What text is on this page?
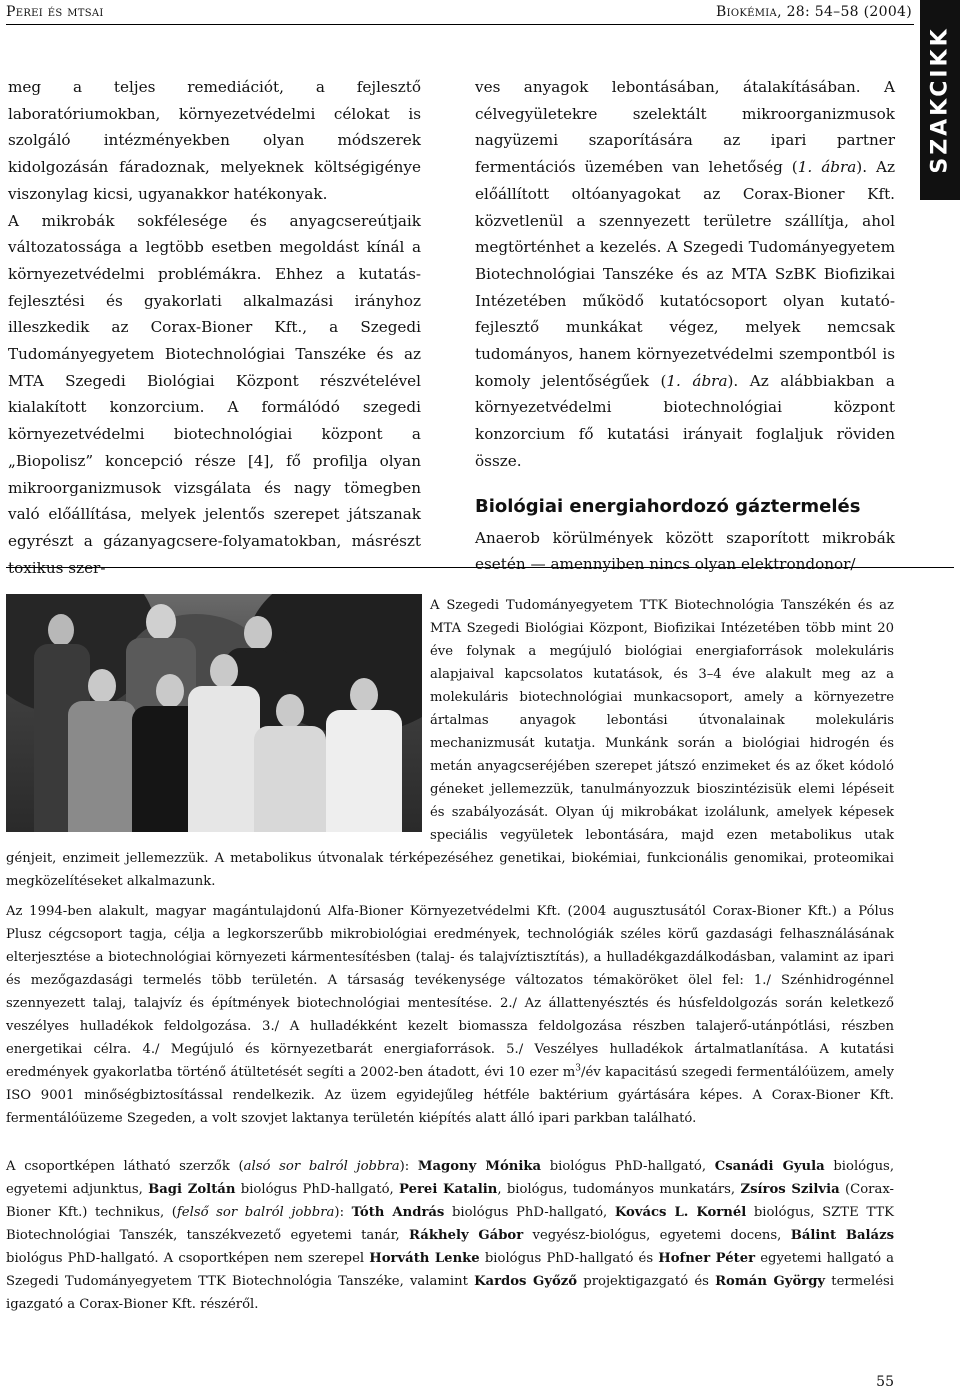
Perei és mtsai	Biokémia, 28: 54–58 (2004)
SZAKCIKK

meg a teljes remediációt, a fejlesztő laboratóriumokban, környezetvédelmi célokat is szolgáló intézményekben olyan módszerek kidolgozásán fáradoznak, melyeknek költségigénye viszonylag kicsi, ugyanakkor hatékonyak.

A mikrobák sokfélesége és anyagcsereútjaik változatossága a legtöbb esetben megoldást kínál a környezetvédelmi problémákra. Ehhez a kutatás-fejlesztési és gyakorlati alkalmazási irányhoz illeszkedik az Corax-Bioner Kft., a Szegedi Tudományegyetem Biotechnológiai Tanszéke és az MTA Szegedi Biológiai Központ részvételével kialakított konzorcium. A formálódó szegedi környezetvédelmi biotechnológiai központ a „Biopolisz” koncepció része [4], fő profilja olyan mikroorganizmusok vizsgálata és nagy tömegben való előállítása, melyek jelentős szerepet játszanak egyrészt a gázanyagcsere-folyamatokban, másrészt toxikus szer-

ves anyagok lebontásában, átalakításában. A célvegyületekre szelektált mikroorganizmusok nagyüzemi szaporítására az ipari partner fermentációs üzemében van lehetőség (1. ábra). Az előállított oltóanyagokat az Corax-Bioner Kft. közvetlenül a szennyezett területre szállítja, ahol megtörténhet a kezelés. A Szegedi Tudományegyetem Biotechnológiai Tanszéke és az MTA SzBK Biofizikai Intézetében működő kutatócsoport olyan kutató-fejlesztő munkákat végez, melyek nemcsak tudományos, hanem környezetvédelmi szempontból is komoly jelentőségűek (1. ábra). Az alábbiakban a környezetvédelmi biotechnológiai központ konzorcium fő kutatási irányait foglaljuk röviden össze.

Biológiai energiahordozó gáztermelés

Anaerob körülmények között szaporított mikrobák esetén — amennyiben nincs olyan elektrondonor/

A Szegedi Tudományegyetem TTK Biotechnológia Tanszékén és az MTA Szegedi Biológiai Központ, Biofizikai Intézetében több mint 20 éve folynak a megújuló biológiai energiaforrások molekuláris alapjaival kapcsolatos kutatások, és 3–4 éve alakult meg az a molekuláris biotechnológiai munkacsoport, amely a környezetre ártalmas anyagok lebontási útvonalainak molekuláris mechanizmusát kutatja. Munkánk során a biológiai hidrogén és metán anyagcseréjében szerepet játszó enzimeket és az őket kódoló géneket jellemezzük, tanulmányozzuk bioszintézisük elemi lépéseit és szabályozását. Olyan új mikrobákat izolálunk, amelyek képesek speciális vegyületek lebontására, majd ezen metabolikus utak génjeit, enzimeit jellemezzük. A metabolikus útvonalak térképezéséhez genetikai, biokémiai, funkcionális genomikai, proteomikai megközelítéseket alkalmazunk.

Az 1994-ben alakult, magyar magántulajdonú Alfa-Bioner Környezetvédelmi Kft. (2004 augusztusától Corax-Bioner Kft.) a Pólus Plusz cégcsoport tagja, célja a legkorszerűbb mikrobiológiai eredmények, technológiák széles körű gazdasági felhasználásának elterjesztése a biotechnológiai környezeti kármentesítésben (talaj- és talajvíztisztítás), a hulladékgazdálkodásban, valamint az ipari és mezőgazdasági termelés több területén. A társaság tevékenysége változatos témaköröket ölel fel: 1./ Szénhidrogénnel szennyezett talaj, talajvíz és építmények biotechnológiai mentesítése. 2./ Az állattenyésztés és húsfeldolgozás során keletkező veszélyes hulladékok feldolgozása. 3./ A hulladékként kezelt biomassza feldolgozása részben talajerő-utánpótlási, részben energetikai célra. 4./ Megújuló és környezetbarát energiaforrások. 5./ Veszélyes hulladékok ártalmatlanítása. A kutatási eredmények gyakorlatba történő átültetését segíti a 2002-ben átadott, évi 10 ezer $m^3/év$ kapacitású szegedi fermentálóüzem, amely ISO 9001 minőségbiztosítással rendelkezik. Az üzem egyidejűleg hétféle baktérium gyártására képes. A Corax-Bioner Kft. fermentálóüzeme Szegeden, a volt szovjet laktanya területén kiépítés alatt álló ipari parkban található.

A csoportképen látható szerzők (alsó sor balról jobbra): Magony Mónika biológus PhD-hallgató, Csanádi Gyula biológus, egyetemi adjunktus, Bagi Zoltán biológus PhD-hallgató, Perei Katalin, biológus, tudományos munkatárs, Zsíros Szilvia (Corax-Bioner Kft.) technikus, (felső sor balról jobbra): Tóth András biológus PhD-hallgató, Kovács L. Kornél biológus, SZTE TTK Biotechnológiai Tanszék, tanszékvezető egyetemi tanár, Rákhely Gábor vegyész-biológus, egyetemi docens, Bálint Balázs biológus PhD-hallgató. A csoportképen nem szerepel Horváth Lenke biológus PhD-hallgató és Hofner Péter egyetemi hallgató a Szegedi Tudományegyetem TTK Biotechnológia Tanszéke, valamint Kardos Győző projektigazgató és Román György termelési igazgató a Corax-Bioner Kft. részéről.

55
